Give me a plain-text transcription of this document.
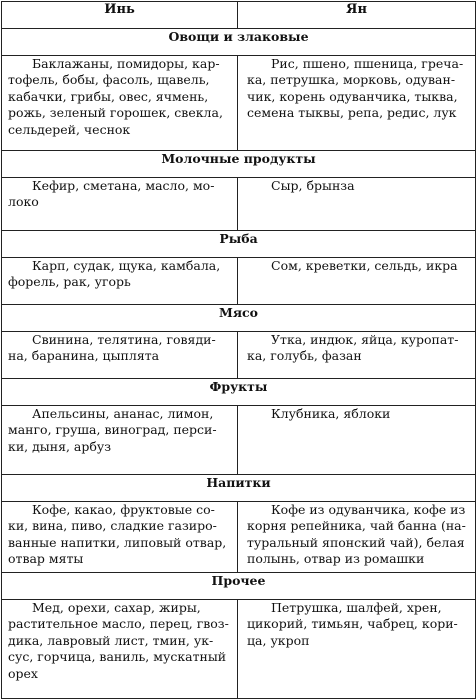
Инь	Ян
Овощи и злаковые	

Баклажаны, помидоры, кар-
тофель, бобы, фасоль, щавель,
кабачки, грибы, овес, ячмень,
рожь, зеленый горошек, свекла,
сельдерей, чеснок	Рис, пшено, пшеница, греча-
ка, петрушка, морковь, одуван-
чик, корень одуванчика, тыква,
семена тыквы, репа, редис, лук

Молочные продукты	

Кефир, сметана, масло, мо-
локо	Сыр, брынза

Рыба	

Карп, судак, щука, камбала,
форель, рак, угорь	Сом, креветки, сельдь, икра

Мясо	

Свинина, телятина, говяди-
на, баранина, цыплята	Утка, индюк, яйца, куропат-
ка, голубь, фазан

Фрукты	

Апельсины, ананас, лимон,
манго, груша, виноград, перси-
ки, дыня, арбуз	Клубника, яблоки

Напитки	

Кофе, какао, фруктовые со-
ки, вина, пиво, сладкие газиро-
ванные напитки, липовый отвар,
отвар мяты	Кофе из одуванчика, кофе из
корня репейника, чай банна (на-
туральный японский чай), белая
полынь, отвар из ромашки

Прочее	

Мед, орехи, сахар, жиры,
растительное масло, перец, гвоз-
дика, лавровый лист, тмин, ук-
сус, горчица, ваниль, мускатный
орех	Петрушка, шалфей, хрен,
цикорий, тимьян, чабрец, кори-
ца, укроп
